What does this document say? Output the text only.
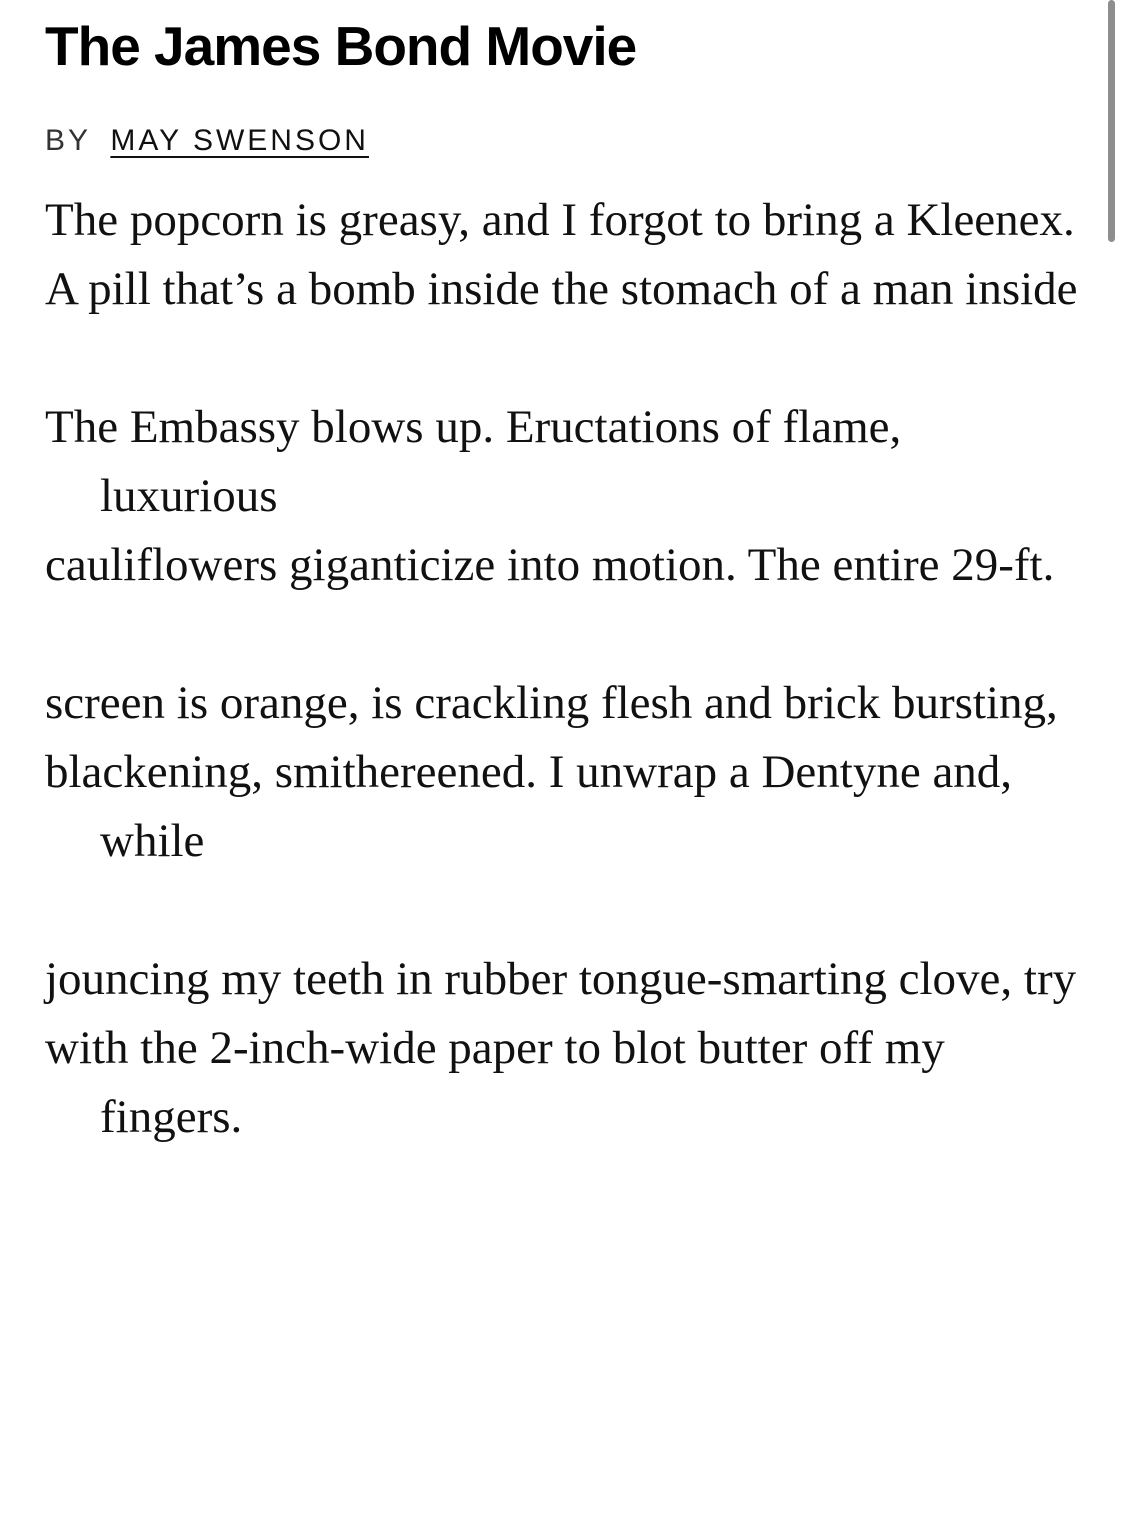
The James Bond Movie
BY MAY SWENSON
The popcorn is greasy, and I forgot to bring a Kleenex.
A pill that’s a bomb inside the stomach of a man inside
The Embassy blows up. Eructations of flame, luxurious
cauliflowers giganticize into motion. The entire 29-ft.
screen is orange, is crackling flesh and brick bursting,
blackening, smithereened. I unwrap a Dentyne and, while
jouncing my teeth in rubber tongue-smarting clove, try
with the 2-inch-wide paper to blot butter off my fingers.
